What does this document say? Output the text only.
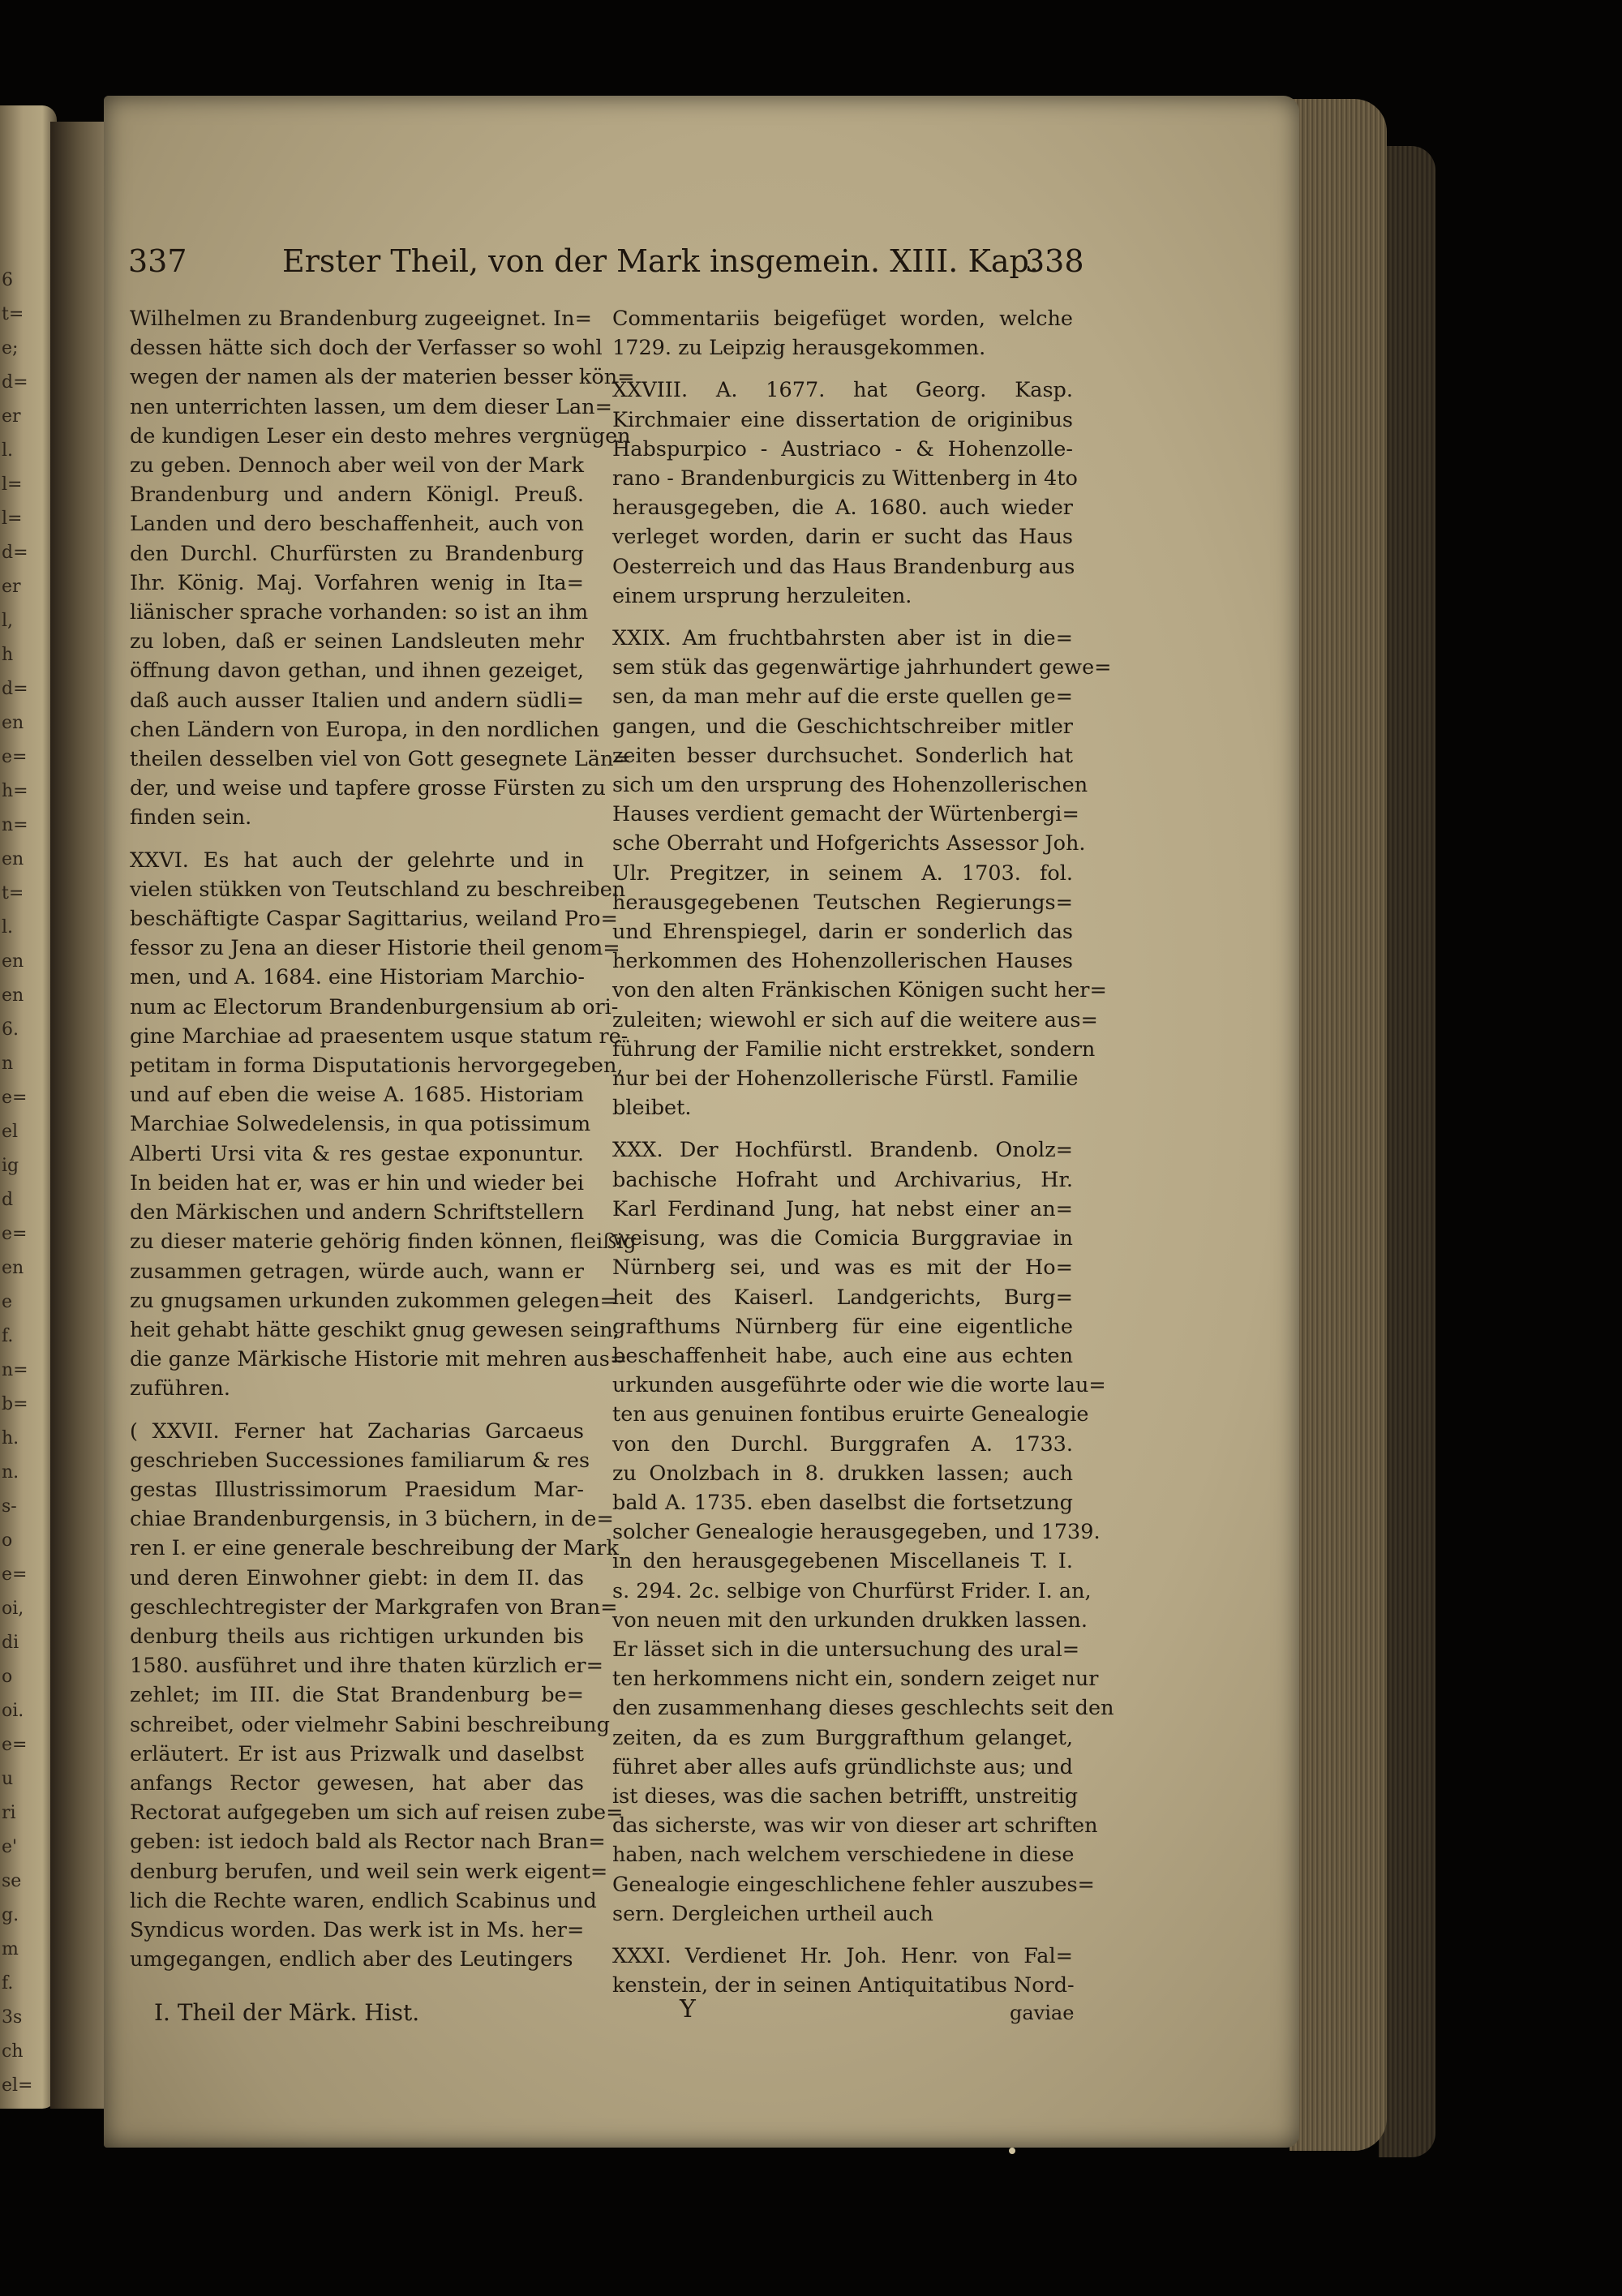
6
t=
e;
d=
er
l.
l=
l=
d=
er
l,
h
d=
en
e=
h=
n=
en
t=
l.
en
en
6.
n
e=
el
ig
d
e=
en
e
f.
n=
b=
h.
n.
s-
o
e=
oi,
di
o
oi.
e=
u
ri
e'
se
g.
m
f.
3s
ch
el=
337	Erster Theil, von der Mark insgemein. XIII. Kap.
338

Wilhelmen zu Brandenburg zugeeignet. In=
dessen hätte sich doch der Verfasser so wohl
wegen der namen als der materien besser kön=
nen unterrichten lassen, um dem dieser Lan=
de kundigen Leser ein desto mehres vergnügen
zu geben. Dennoch aber weil von der Mark
Brandenburg und andern Königl. Preuß.
Landen und dero beschaffenheit, auch von
den Durchl. Churfürsten zu Brandenburg
Ihr. König. Maj. Vorfahren wenig in Ita=
liänischer sprache vorhanden: so ist an ihm
zu loben, daß er seinen Landsleuten mehr
öffnung davon gethan, und ihnen gezeiget,
daß auch ausser Italien und andern südli=
chen Ländern von Europa, in den nordlichen
theilen desselben viel von Gott gesegnete Län=
der, und weise und tapfere grosse Fürsten zu
finden sein.

XXVI. Es hat auch der gelehrte und in
vielen stükken von Teutschland zu beschreiben
beschäftigte Caspar Sagittarius, weiland Pro=
fessor zu Jena an dieser Historie theil genom=
men, und A. 1684. eine Historiam Marchio-
num ac Electorum Brandenburgensium ab ori-
gine Marchiae ad praesentem usque statum re-
petitam in forma Disputationis hervorgegeben,
und auf eben die weise A. 1685. Historiam
Marchiae Solwedelensis, in qua potissimum
Alberti Ursi vita & res gestae exponuntur.
In beiden hat er, was er hin und wieder bei
den Märkischen und andern Schriftstellern
zu dieser materie gehörig finden können, fleißig
zusammen getragen, würde auch, wann er
zu gnugsamen urkunden zukommen gelegen=
heit gehabt hätte geschikt gnug gewesen sein,
die ganze Märkische Historie mit mehren aus=
zuführen.

( XXVII. Ferner hat Zacharias Garcaeus
geschrieben Successiones familiarum & res
gestas Illustrissimorum Praesidum Mar-
chiae Brandenburgensis, in 3 büchern, in de=
ren I. er eine generale beschreibung der Mark
und deren Einwohner giebt: in dem II. das
geschlechtregister der Markgrafen von Bran=
denburg theils aus richtigen urkunden bis
1580. ausführet und ihre thaten kürzlich er=
zehlet; im III. die Stat Brandenburg be=
schreibet, oder vielmehr Sabini beschreibung
erläutert. Er ist aus Prizwalk und daselbst
anfangs Rector gewesen, hat aber das
Rectorat aufgegeben um sich auf reisen zube=
geben: ist iedoch bald als Rector nach Bran=
denburg berufen, und weil sein werk eigent=
lich die Rechte waren, endlich Scabinus und
Syndicus worden. Das werk ist in Ms. her=
umgegangen, endlich aber des Leutingers

Commentariis beigefüget worden, welche
1729. zu Leipzig herausgekommen.

XXVIII. A. 1677. hat Georg. Kasp.
Kirchmaier eine dissertation de originibus
Habspurpico - Austriaco - & Hohenzolle-
rano - Brandenburgicis zu Wittenberg in 4to
herausgegeben, die A. 1680. auch wieder
verleget worden, darin er sucht das Haus
Oesterreich und das Haus Brandenburg aus
einem ursprung herzuleiten.

XXIX. Am fruchtbahrsten aber ist in die=
sem stük das gegenwärtige jahrhundert gewe=
sen, da man mehr auf die erste quellen ge=
gangen, und die Geschichtschreiber mitler
zeiten besser durchsuchet. Sonderlich hat
sich um den ursprung des Hohenzollerischen
Hauses verdient gemacht der Würtenbergi=
sche Oberraht und Hofgerichts Assessor Joh.
Ulr. Pregitzer, in seinem A. 1703. fol.
herausgegebenen Teutschen Regierungs=
und Ehrenspiegel, darin er sonderlich das
herkommen des Hohenzollerischen Hauses
von den alten Fränkischen Königen sucht her=
zuleiten; wiewohl er sich auf die weitere aus=
führung der Familie nicht erstrekket, sondern
nur bei der Hohenzollerische Fürstl. Familie
bleibet.

XXX. Der Hochfürstl. Brandenb. Onolz=
bachische Hofraht und Archivarius, Hr.
Karl Ferdinand Jung, hat nebst einer an=
weisung, was die Comicia Burggraviae in
Nürnberg sei, und was es mit der Ho=
heit des Kaiserl. Landgerichts, Burg=
grafthums Nürnberg für eine eigentliche
beschaffenheit habe, auch eine aus echten
urkunden ausgeführte oder wie die worte lau=
ten aus genuinen fontibus eruirte Genealogie
von den Durchl. Burggrafen A. 1733.
zu Onolzbach in 8. drukken lassen; auch
bald A. 1735. eben daselbst die fortsetzung
solcher Genealogie herausgegeben, und 1739.
in den herausgegebenen Miscellaneis T. I.
s. 294. 2c. selbige von Churfürst Frider. I. an,
von neuen mit den urkunden drukken lassen.
Er lässet sich in die untersuchung des ural=
ten herkommens nicht ein, sondern zeiget nur
den zusammenhang dieses geschlechts seit den
zeiten, da es zum Burggrafthum gelanget,
führet aber alles aufs gründlichste aus; und
ist dieses, was die sachen betrifft, unstreitig
das sicherste, was wir von dieser art schriften
haben, nach welchem verschiedene in diese
Genealogie eingeschlichene fehler auszubes=
sern. Dergleichen urtheil auch

XXXI. Verdienet Hr. Joh. Henr. von Fal=
kenstein, der in seinen Antiquitatibus Nord-

I. Theil der Märk. Hist.	Y	gaviae
